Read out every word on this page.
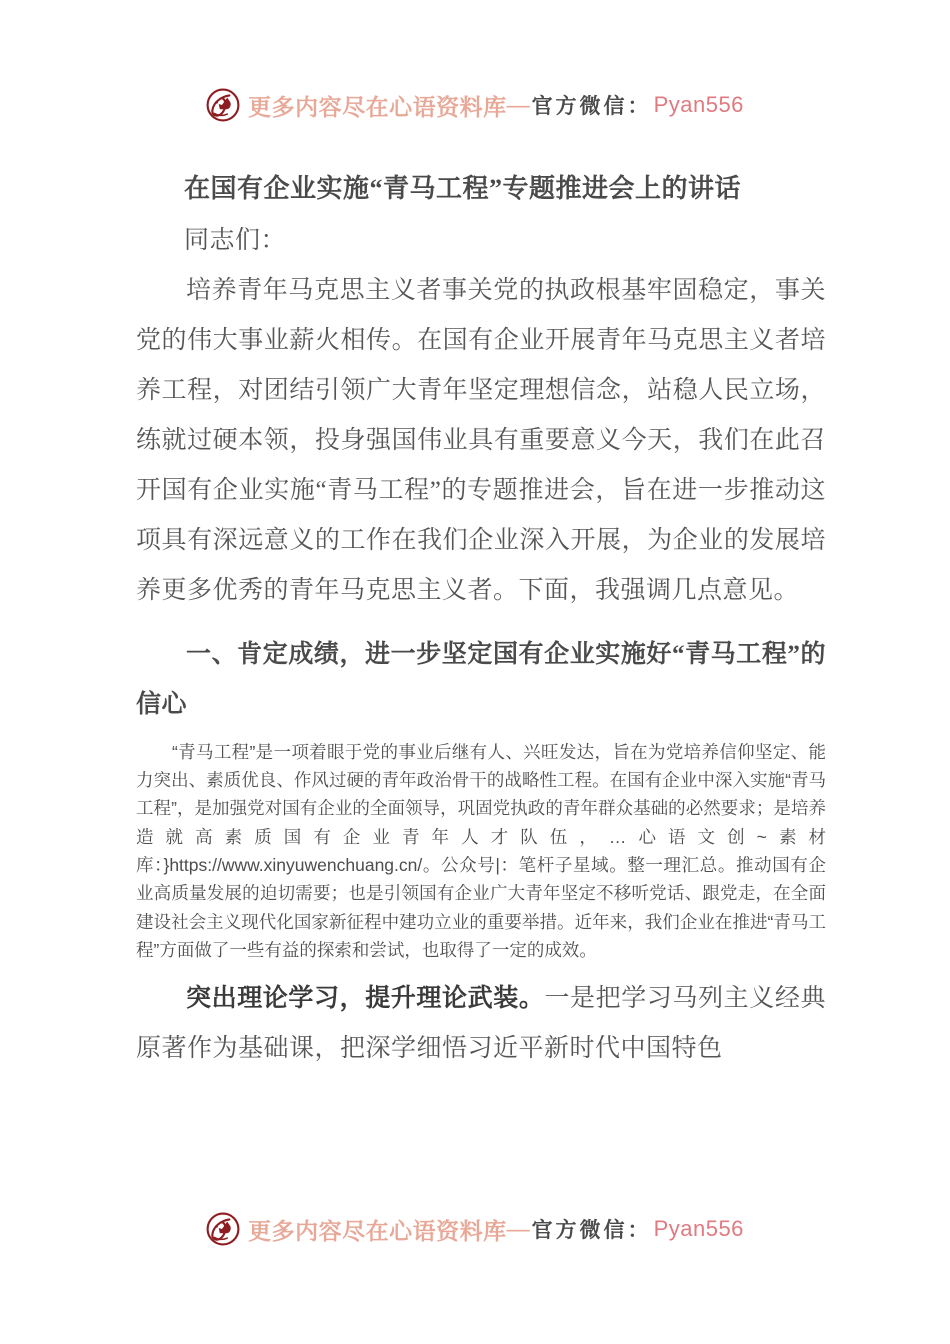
更多内容尽在心语资料库 — 官方微信： Pyan556
在国有企业实施“青马工程”专题推进会上的讲话

同志们：

培养青年马克思主义者事关党的执政根基牢固稳定，事关党的伟大事业薪火相传。在国有企业开展青年马克思主义者培养工程，对团结引领广大青年坚定理想信念，站稳人民立场，练就过硬本领，投身强国伟业具有重要意义今天，我们在此召开国有企业实施“青马工程”的专题推进会，旨在进一步推动这项具有深远意义的工作在我们企业深入开展，为企业的发展培养更多优秀的青年马克思主义者。下面，我强调几点意见。

一、肯定成绩，进一步坚定国有企业实施好“青马工程”的信心

“青马工程”是一项着眼于党的事业后继有人、兴旺发达，旨在为党培养信仰坚定、能力突出、素质优良、作风过硬的青年政治骨干的战略性工程。在国有企业中深入实施“青马工程”，是加强党对国有企业的全面领导，巩固党执政的青年群众基础的必然要求；是培养造就高素质国有企业青年人才队伍，…心语文创~素材库：}https://www.xinyuwenchuang.cn/。公众号|：笔杆子星域。整一理汇总。推动国有企业高质量发展的迫切需要；也是引领国有企业广大青年坚定不移听党话、跟党走，在全面建设社会主义现代化国家新征程中建功立业的重要举措。近年来，我们企业在推进“青马工程”方面做了一些有益的探索和尝试，也取得了一定的成效。

突出理论学习，提升理论武装。一是把学习马列主义经典原著作为基础课，把深学细悟习近平新时代中国特色

更多内容尽在心语资料库 — 官方微信： Pyan556
